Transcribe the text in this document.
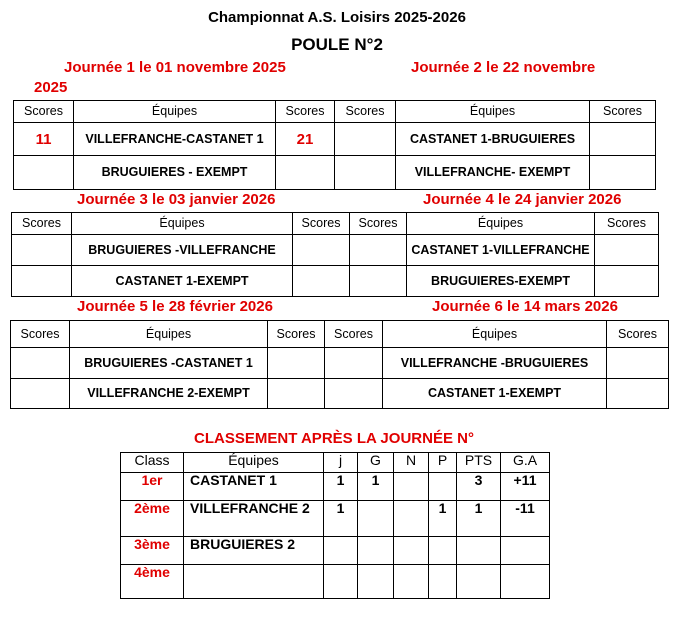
Championnat A.S. Loisirs 2025-2026
POULE N°2
Journée 1 le 01 novembre 2025	Journée 2 le 22 novembre
2025
Scores	Équipes	Scores	Scores	Équipes	Scores
11	VILLEFRANCHE-CASTANET 1	21		CASTANET 1-BRUGUIERES	
	BRUGUIERES - EXEMPT			VILLEFRANCHE- EXEMPT	
Journée 3 le 03 janvier 2026	Journée 4 le 24 janvier 2026
Scores	Équipes	Scores	Scores	Équipes	Scores
	BRUGUIERES -VILLEFRANCHE			CASTANET 1-VILLEFRANCHE	
	CASTANET 1-EXEMPT			BRUGUIERES-EXEMPT	
Journée 5 le 28 février 2026	Journée 6 le 14 mars 2026
Scores	Équipes	Scores	Scores	Équipes	Scores
	BRUGUIERES -CASTANET 1			VILLEFRANCHE -BRUGUIERES	
	VILLEFRANCHE 2-EXEMPT			CASTANET 1-EXEMPT	
CLASSEMENT APRÈS LA JOURNÉE N°
Class	Équipes	j	G	N	P	PTS	G.A
1er	CASTANET 1	1	1			3	+11
2ème	VILLEFRANCHE 2	1			1	1	-11
3ème	BRUGUIERES 2						
4ème							
